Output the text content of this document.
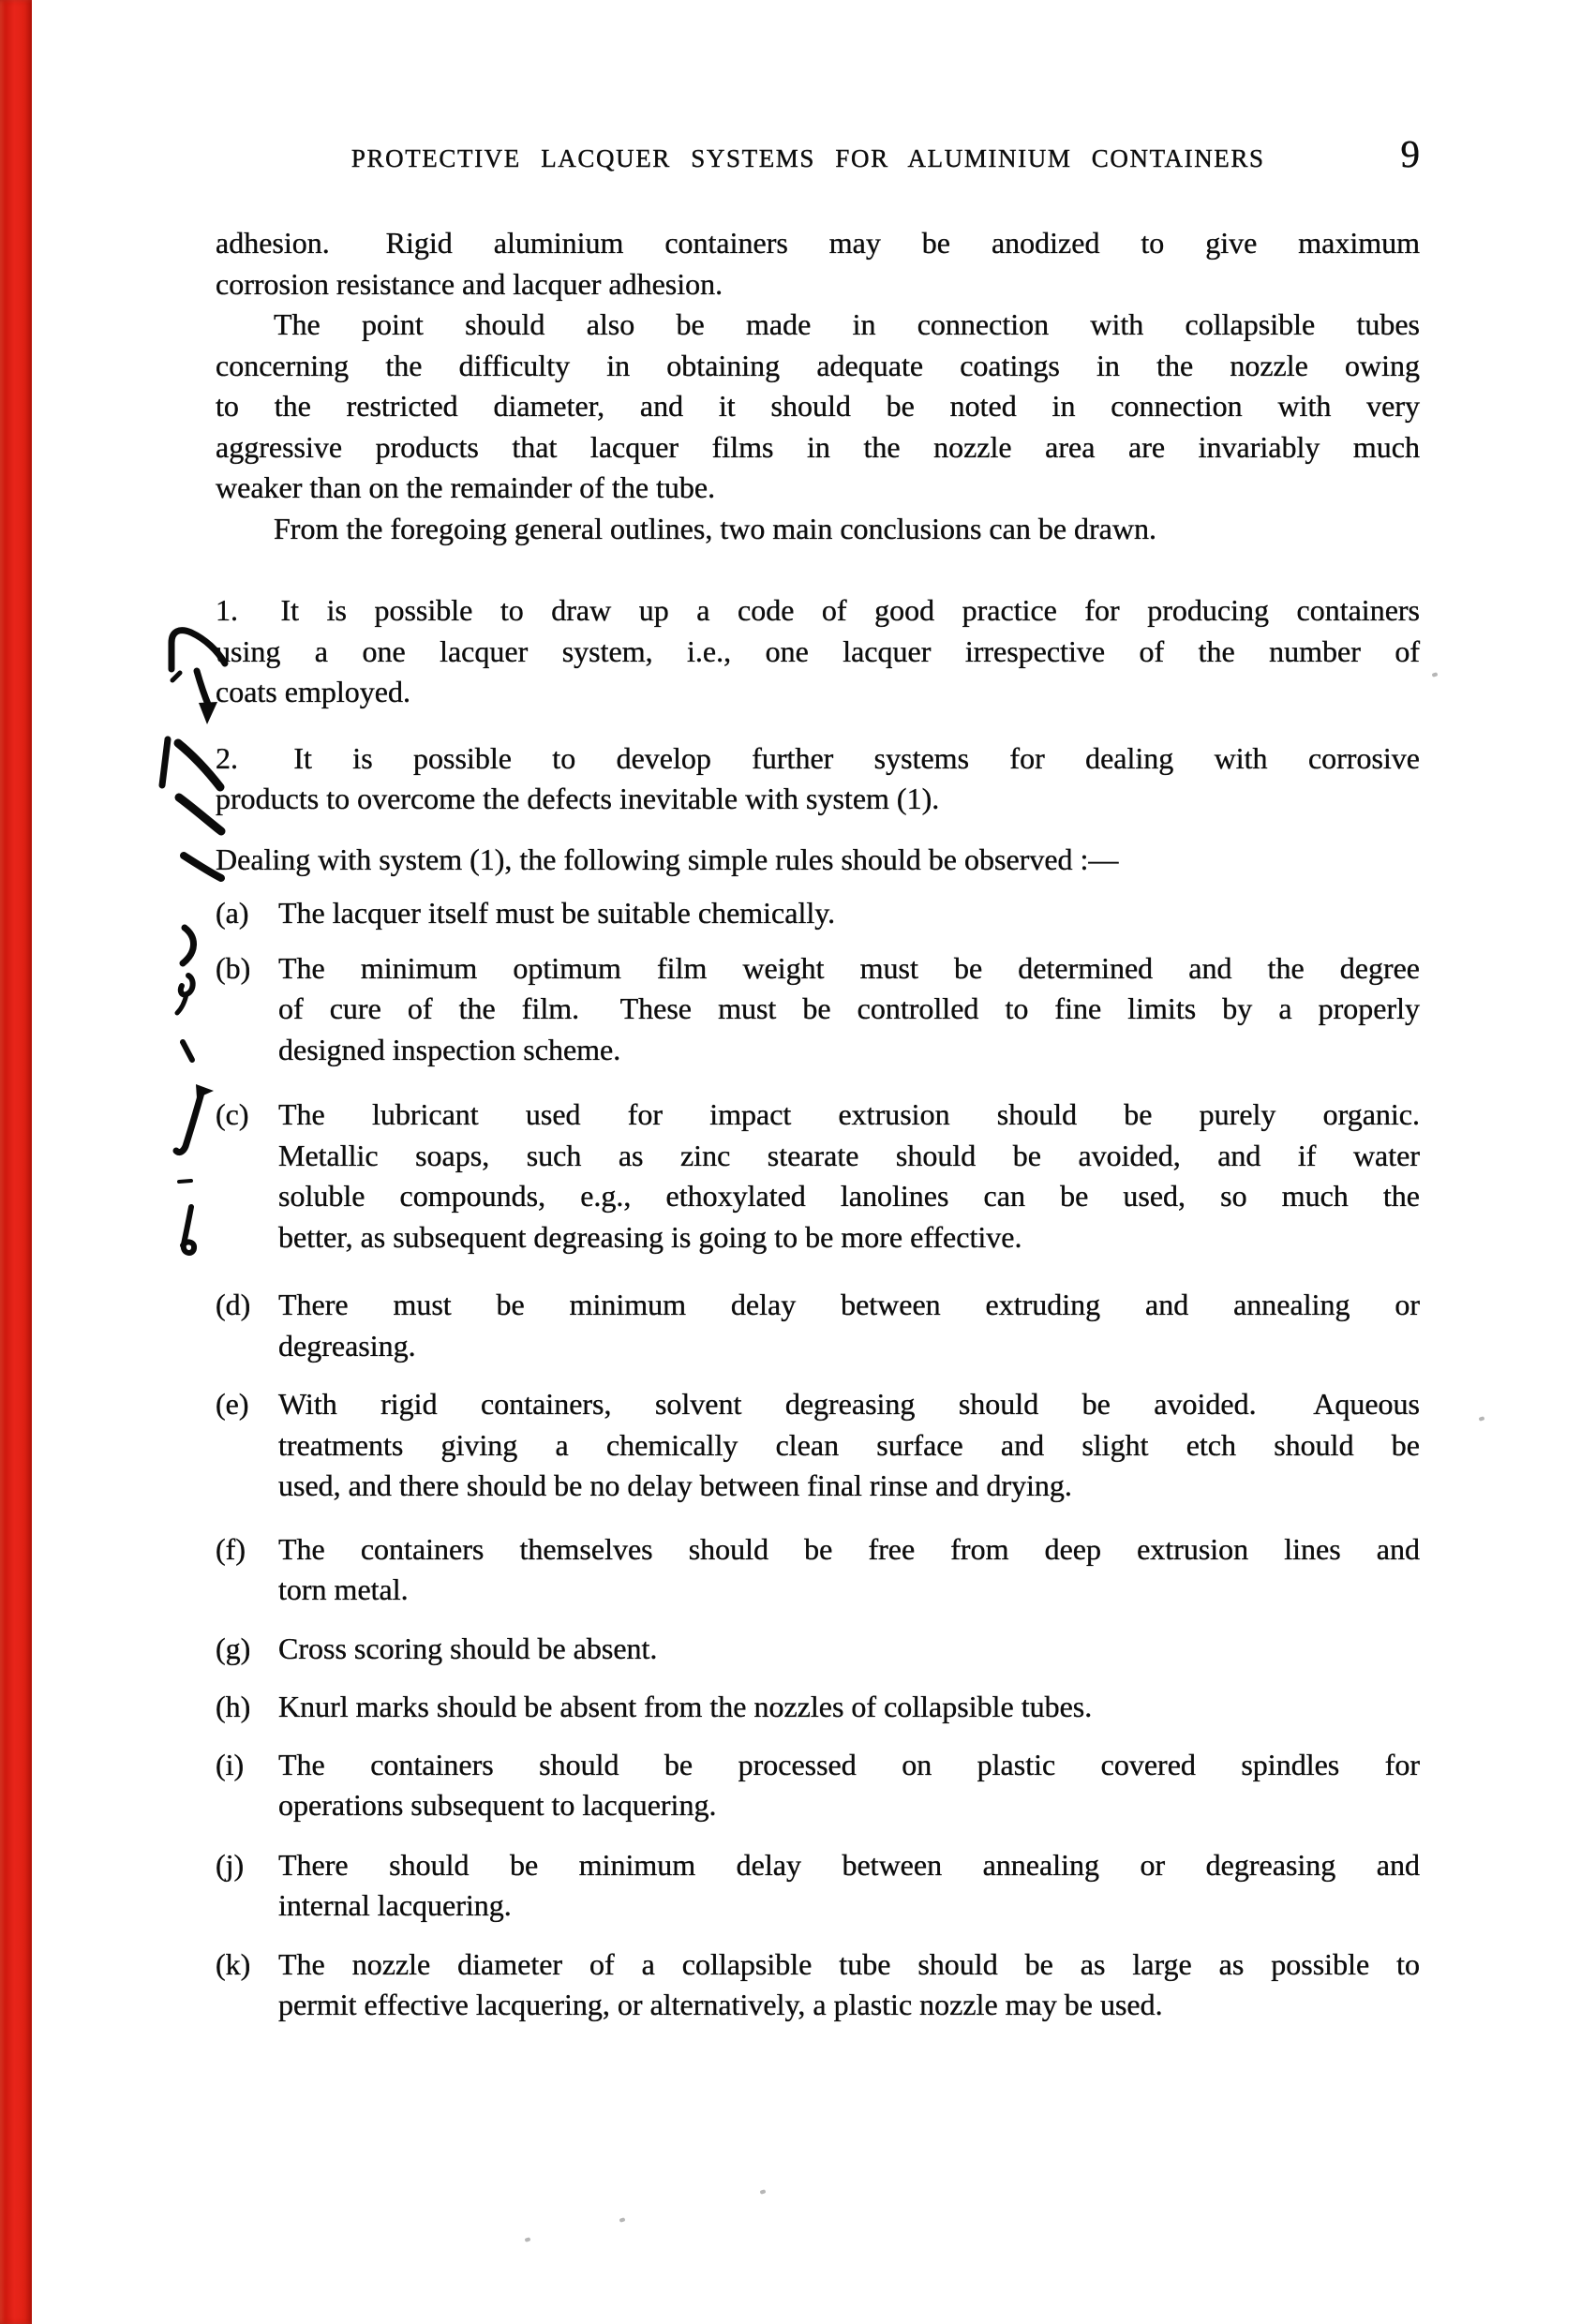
PROTECTIVE LACQUER SYSTEMS FOR ALUMINIUM CONTAINERS	9
adhesion.  Rigid aluminium containers may be anodized to give maximum
corrosion resistance and lacquer adhesion.
The point should also be made in connection with collapsible tubes
concerning the difficulty in obtaining adequate coatings in the nozzle owing
to the restricted diameter, and it should be noted in connection with very
aggressive products that lacquer films in the nozzle area are invariably much
weaker than on the remainder of the tube.
From the foregoing general outlines, two main conclusions can be drawn.
1.  It is possible to draw up a code of good practice for producing containers
using a one lacquer system, i.e., one lacquer irrespective of the number of
coats employed.
2.  It is possible to develop further systems for dealing with corrosive
products to overcome the defects inevitable with system (1).
Dealing with system (1), the following simple rules should be observed :—
(a) The lacquer itself must be suitable chemically.
(b) The minimum optimum film weight must be determined and the degree
of cure of the film.  These must be controlled to fine limits by a properly
designed inspection scheme.
(c) The lubricant used for impact extrusion should be purely organic.
Metallic soaps, such as zinc stearate should be avoided, and if water
soluble compounds, e.g., ethoxylated lanolines can be used, so much the
better, as subsequent degreasing is going to be more effective.
(d) There must be minimum delay between extruding and annealing or
degreasing.
(e) With rigid containers, solvent degreasing should be avoided.  Aqueous
treatments giving a chemically clean surface and slight etch should be
used, and there should be no delay between final rinse and drying.
(f) The containers themselves should be free from deep extrusion lines and
torn metal.
(g) Cross scoring should be absent.
(h) Knurl marks should be absent from the nozzles of collapsible tubes.
(i) The containers should be processed on plastic covered spindles for
operations subsequent to lacquering.
(j) There should be minimum delay between annealing or degreasing and
internal lacquering.
(k) The nozzle diameter of a collapsible tube should be as large as possible to
permit effective lacquering, or alternatively, a plastic nozzle may be used.
